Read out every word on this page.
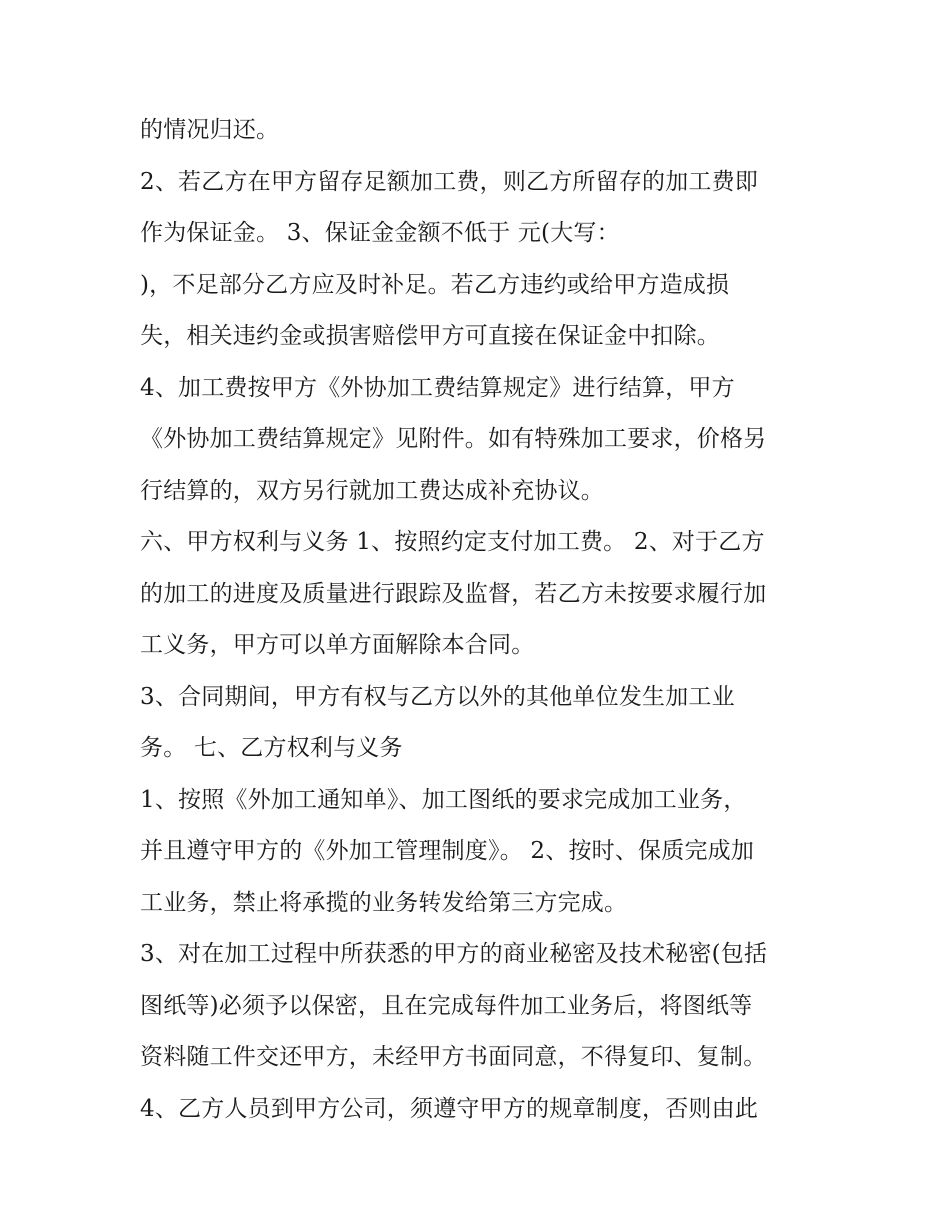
的情况归还。
2、若乙方在甲方留存足额加工费，则乙方所留存的加工费即
作为保证金。 3、保证金金额不低于 元(大写：
)，不足部分乙方应及时补足。若乙方违约或给甲方造成损
失，相关违约金或损害赔偿甲方可直接在保证金中扣除。
4、加工费按甲方《外协加工费结算规定》进行结算，甲方
《外协加工费结算规定》见附件。如有特殊加工要求，价格另
行结算的，双方另行就加工费达成补充协议。
六、甲方权利与义务 1、按照约定支付加工费。 2、对于乙方
的加工的进度及质量进行跟踪及监督，若乙方未按要求履行加
工义务，甲方可以单方面解除本合同。
3、合同期间，甲方有权与乙方以外的其他单位发生加工业
务。 七、乙方权利与义务
1、按照《外加工通知单》、加工图纸的要求完成加工业务，
并且遵守甲方的《外加工管理制度》。 2、按时、保质完成加
工业务，禁止将承揽的业务转发给第三方完成。
3、对在加工过程中所获悉的甲方的商业秘密及技术秘密(包括
图纸等)必须予以保密，且在完成每件加工业务后，将图纸等
资料随工件交还甲方，未经甲方书面同意，不得复印、复制。
4、乙方人员到甲方公司，须遵守甲方的规章制度，否则由此
